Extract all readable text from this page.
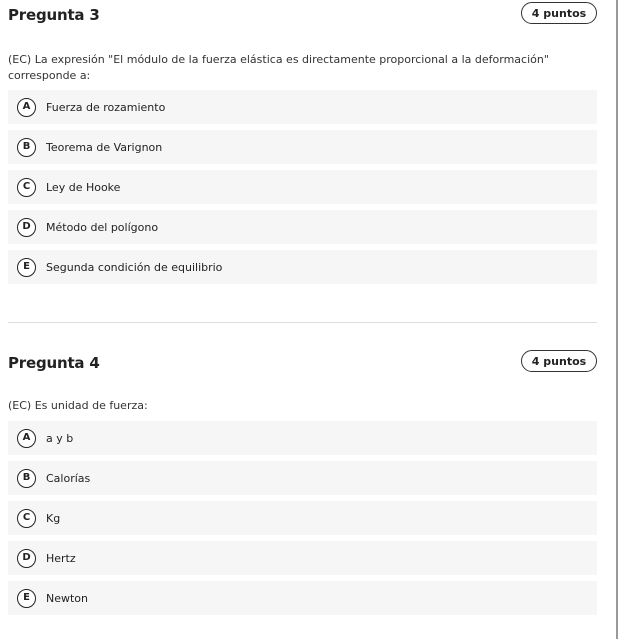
Pregunta 3	4 puntos
(EC) La expresión "El módulo de la fuerza elástica es directamente proporcional a la deformación" corresponde a:
A	Fuerza de rozamiento
B	Teorema de Varignon
C	Ley de Hooke
D	Método del polígono
E	Segunda condición de equilibrio
Pregunta 4	4 puntos
(EC) Es unidad de fuerza:
A	a y b
B	Calorías
C	Kg
D	Hertz
E	Newton
